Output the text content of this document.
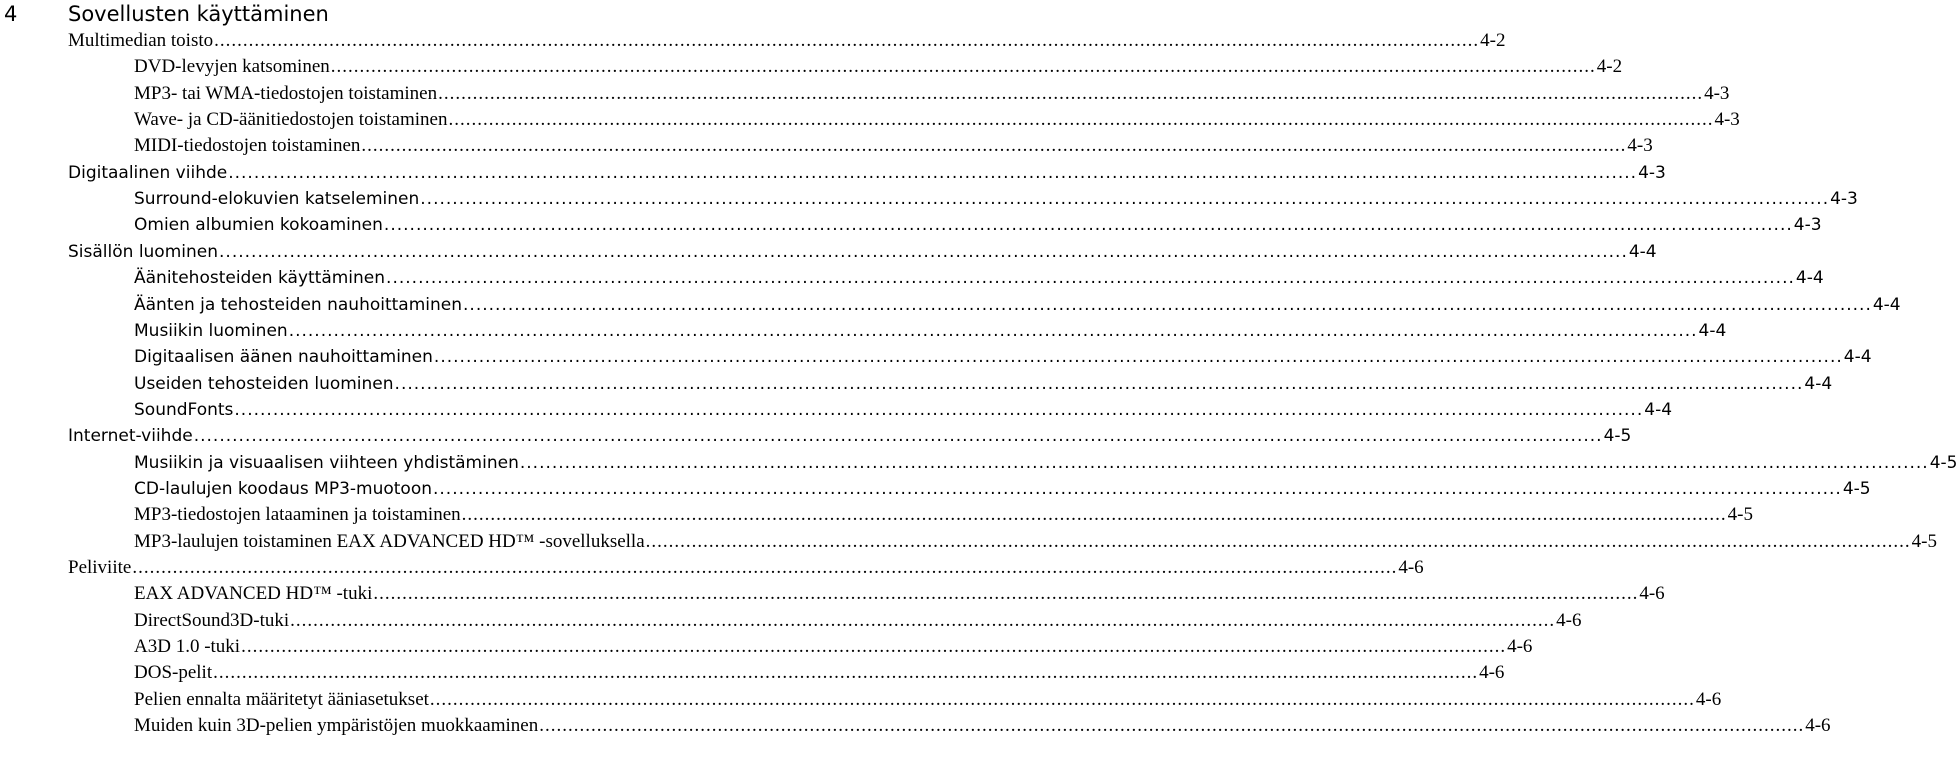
4 Sovellusten käyttäminen
Multimedian toisto ............................................................................................................................................................................................................................ 4-2
DVD-levyjen katsominen ............................................................................................................................................................................................................................ 4-2
MP3- tai WMA-tiedostojen toistaminen ............................................................................................................................................................................................................................ 4-3
Wave- ja CD-äänitiedostojen toistaminen ............................................................................................................................................................................................................................ 4-3
MIDI-tiedostojen toistaminen ............................................................................................................................................................................................................................ 4-3
Digitaalinen viihde ............................................................................................................................................................................................................................ 4-3
Surround-elokuvien katseleminen ............................................................................................................................................................................................................................ 4-3
Omien albumien kokoaminen ............................................................................................................................................................................................................................ 4-3
Sisällön luominen ............................................................................................................................................................................................................................ 4-4
Äänitehosteiden käyttäminen ............................................................................................................................................................................................................................ 4-4
Äänten ja tehosteiden nauhoittaminen ............................................................................................................................................................................................................................ 4-4
Musiikin luominen ............................................................................................................................................................................................................................ 4-4
Digitaalisen äänen nauhoittaminen ............................................................................................................................................................................................................................ 4-4
Useiden tehosteiden luominen ............................................................................................................................................................................................................................ 4-4
SoundFonts ............................................................................................................................................................................................................................ 4-4
Internet-viihde ............................................................................................................................................................................................................................ 4-5
Musiikin ja visuaalisen viihteen yhdistäminen ............................................................................................................................................................................................................................ 4-5
CD-laulujen koodaus MP3-muotoon ............................................................................................................................................................................................................................ 4-5
MP3-tiedostojen lataaminen ja toistaminen ............................................................................................................................................................................................................................ 4-5
MP3-laulujen toistaminen EAX ADVANCED HD™ -sovelluksella ............................................................................................................................................................................................................................ 4-5
Peliviite ............................................................................................................................................................................................................................ 4-6
EAX ADVANCED HD™ -tuki ............................................................................................................................................................................................................................ 4-6
DirectSound3D-tuki ............................................................................................................................................................................................................................ 4-6
A3D 1.0 -tuki ............................................................................................................................................................................................................................ 4-6
DOS-pelit ............................................................................................................................................................................................................................ 4-6
Pelien ennalta määritetyt ääniasetukset ............................................................................................................................................................................................................................ 4-6
Muiden kuin 3D-pelien ympäristöjen muokkaaminen ............................................................................................................................................................................................................................ 4-6
